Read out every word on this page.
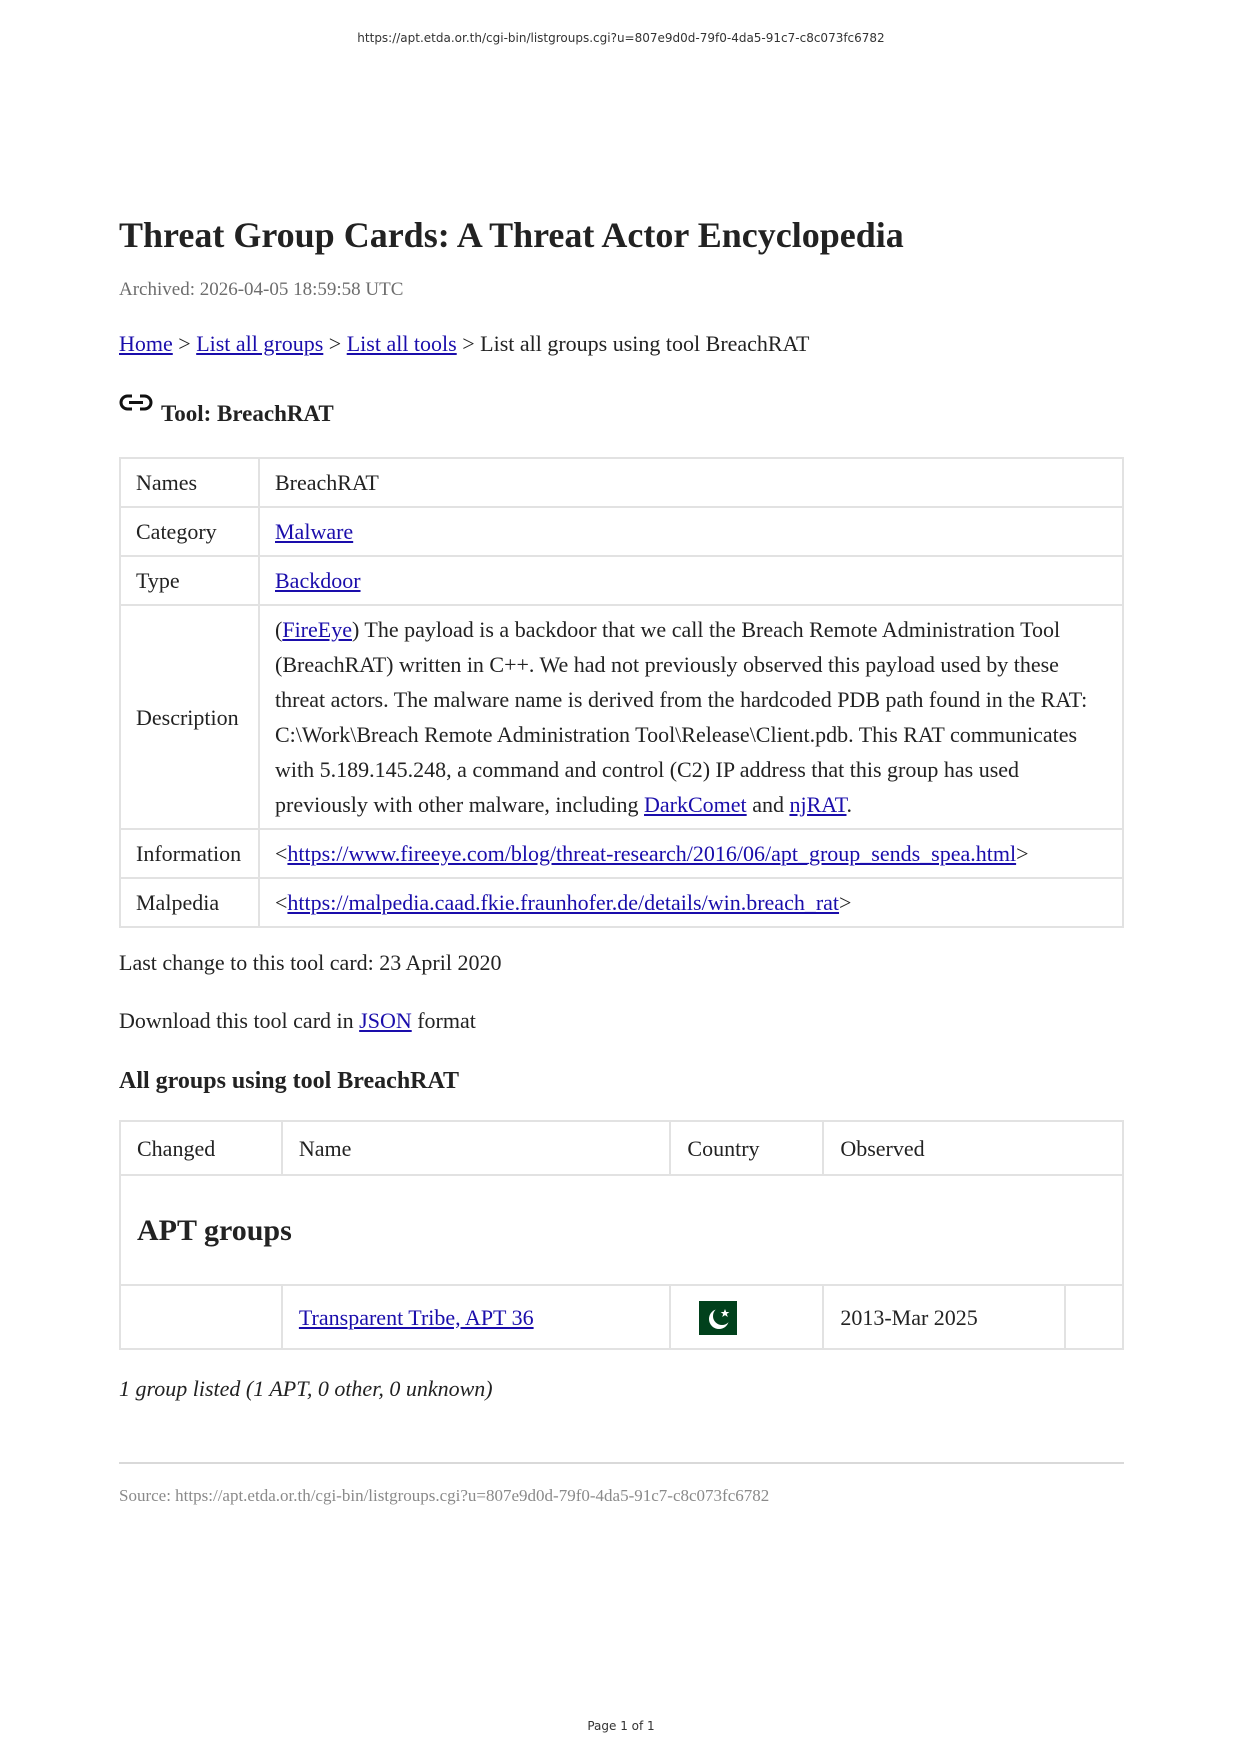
https://apt.etda.or.th/cgi-bin/listgroups.cgi?u=807e9d0d-79f0-4da5-91c7-c8c073fc6782
Threat Group Cards: A Threat Actor Encyclopedia
Archived: 2026-04-05 18:59:58 UTC
Home > List all groups > List all tools > List all groups using tool BreachRAT
Tool: BreachRAT
Names	BreachRAT
Category	Malware
Type	Backdoor
Description	(FireEye) The payload is a backdoor that we call the Breach Remote Administration Tool (BreachRAT) written in C++. We had not previously observed this payload used by these threat actors. The malware name is derived from the hardcoded PDB path found in the RAT: C:\Work\Breach Remote Administration Tool\Release\Client.pdb. This RAT communicates with 5.189.145.248, a command and control (C2) IP address that this group has used previously with other malware, including DarkComet and njRAT.
Information	<https://www.fireeye.com/blog/threat-research/2016/06/apt_group_sends_spea.html>
Malpedia	<https://malpedia.caad.fkie.fraunhofer.de/details/win.breach_rat>
Last change to this tool card: 23 April 2020
Download this tool card in JSON format
All groups using tool BreachRAT
Changed	Name	Country	Observed	
APT groups				
	Transparent Tribe, APT 36		2013-Mar 2025	
1 group listed (1 APT, 0 other, 0 unknown)
Source: https://apt.etda.or.th/cgi-bin/listgroups.cgi?u=807e9d0d-79f0-4da5-91c7-c8c073fc6782
Page 1 of 1
